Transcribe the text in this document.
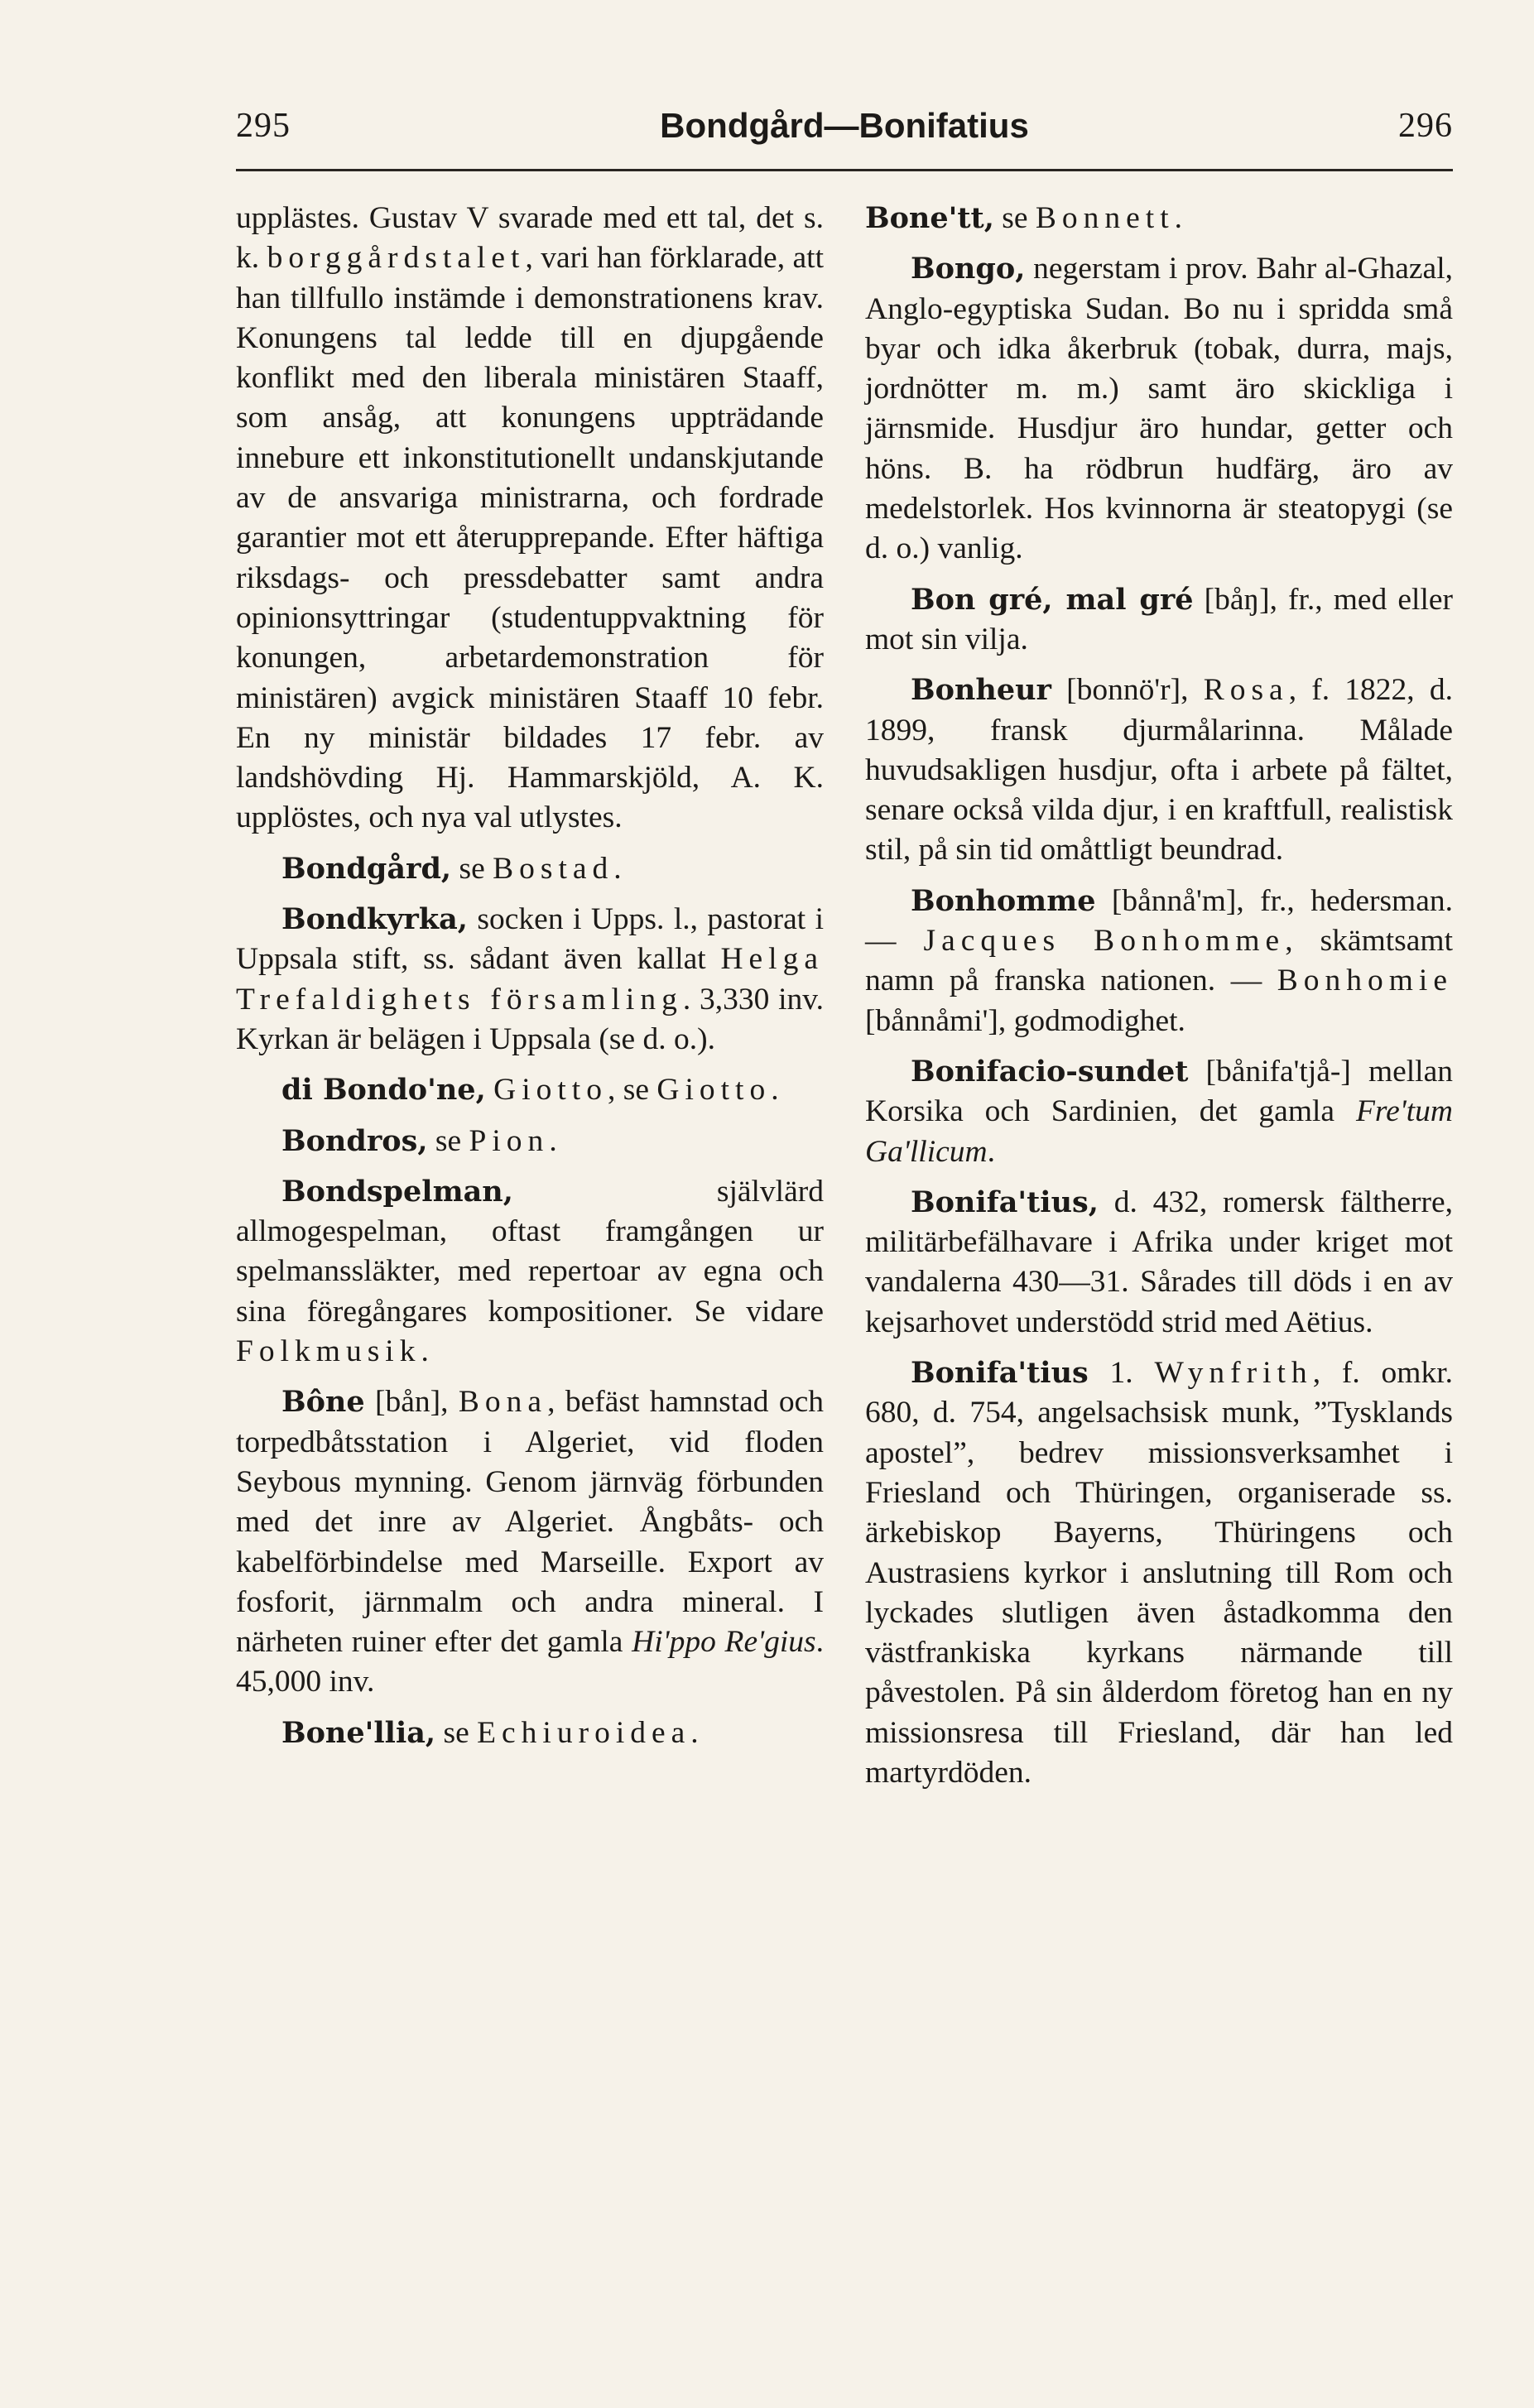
295	Bondgård—Bonifatius	296

upplästes. Gustav V svarade med ett tal, det s. k. borggårdstalet, vari han förklarade, att han tillfullo instämde i demonstrationens krav. Konungens tal ledde till en djupgående konflikt med den liberala ministären Staaff, som ansåg, att konungens uppträdande innebure ett inkonstitutionellt undanskjutande av de ansvariga ministrarna, och fordrade garantier mot ett återupprepande. Efter häftiga riksdags- och pressdebatter samt andra opinionsyttringar (studentuppvaktning för konungen, arbetardemonstration för ministären) avgick ministären Staaff 10 febr. En ny ministär bildades 17 febr. av landshövding Hj. Hammarskjöld, A. K. upplöstes, och nya val utlystes.

Bondgård, se Bostad.

Bondkyrka, socken i Upps. l., pastorat i Uppsala stift, ss. sådant även kallat Helga Trefaldighets församling. 3,330 inv. Kyrkan är belägen i Uppsala (se d. o.).

di Bondo'ne, Giotto, se Giotto.

Bondros, se Pion.

Bondspelman, självlärd allmogespelman, oftast framgången ur spelmanssläkter, med repertoar av egna och sina föregångares kompositioner. Se vidare Folkmusik.

Bône [bån], Bona, befäst hamnstad och torpedbåtsstation i Algeriet, vid floden Seybous mynning. Genom järnväg förbunden med det inre av Algeriet. Ångbåts- och kabelförbindelse med Marseille. Export av fosforit, järnmalm och andra mineral. I närheten ruiner efter det gamla Hi'ppo Re'gius. 45,000 inv.

Bone'llia, se Echiuroidea.

Bone'tt, se Bonnett.

Bongo, negerstam i prov. Bahr al-Ghazal, Anglo-egyptiska Sudan. Bo nu i spridda små byar och idka åkerbruk (tobak, durra, majs, jordnötter m. m.) samt äro skickliga i järnsmide. Husdjur äro hundar, getter och höns. B. ha rödbrun hudfärg, äro av medelstorlek. Hos kvinnorna är steatopygi (se d. o.) vanlig.

Bon gré, mal gré [båŋ], fr., med eller mot sin vilja.

Bonheur [bonnö'r], Rosa, f. 1822, d. 1899, fransk djurmålarinna. Målade huvudsakligen husdjur, ofta i arbete på fältet, senare också vilda djur, i en kraftfull, realistisk stil, på sin tid omåttligt beundrad.

Bonhomme [bånnå'm], fr., hedersman. — Jacques Bonhomme, skämtsamt namn på franska nationen. — Bonhomie [bånnåmi'], godmodighet.

Bonifacio-sundet [bånifa'tjå-] mellan Korsika och Sardinien, det gamla Fre'tum Ga'llicum.

Bonifa'tius, d. 432, romersk fältherre, militärbefälhavare i Afrika under kriget mot vandalerna 430—31. Sårades till döds i en av kejsarhovet understödd strid med Aëtius.

Bonifa'tius 1. Wynfrith, f. omkr. 680, d. 754, angelsachsisk munk, ”Tysklands apostel”, bedrev missionsverksamhet i Friesland och Thüringen, organiserade ss. ärkebiskop Bayerns, Thüringens och Austrasiens kyrkor i anslutning till Rom och lyckades slutligen även åstadkomma den västfrankiska kyrkans närmande till påvestolen. På sin ålderdom företog han en ny missionsresa till Friesland, där han led martyrdöden.
